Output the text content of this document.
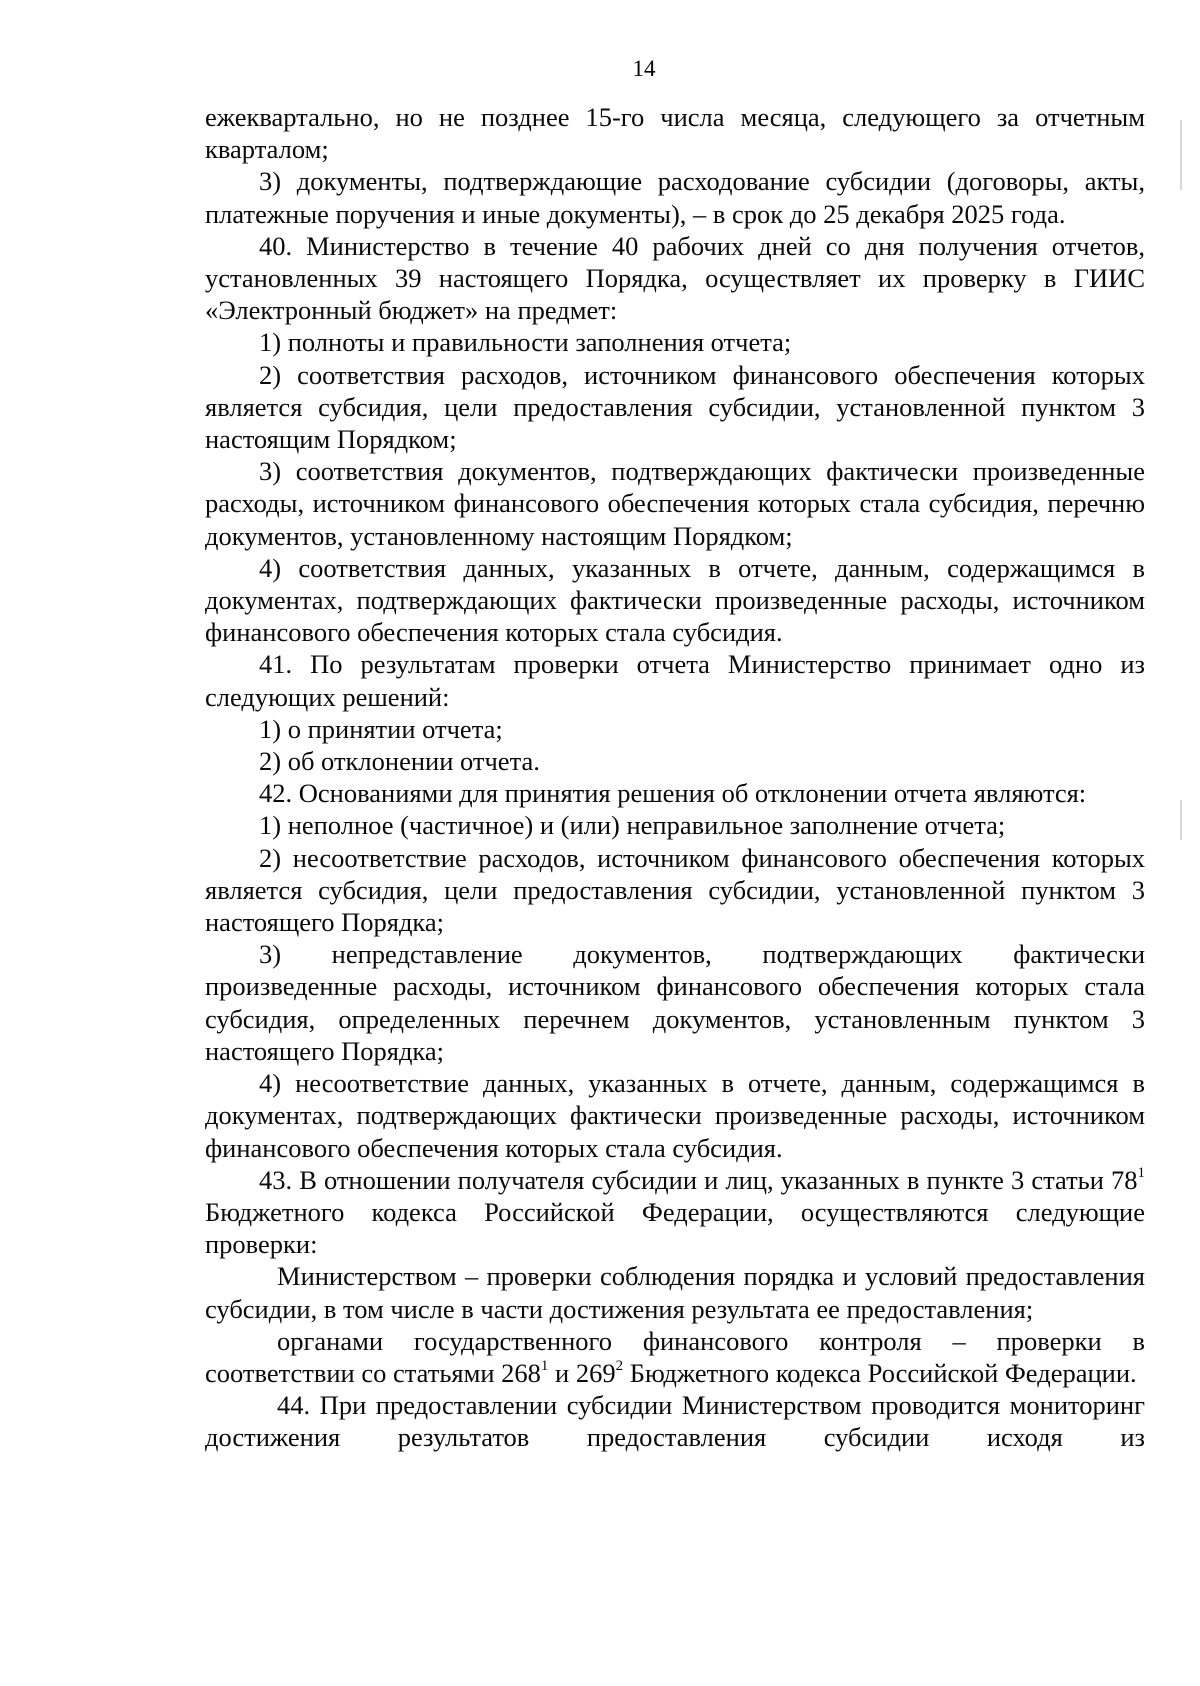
14

ежеквартально, но не позднее 15-го числа месяца, следующего за отчетным кварталом;

3) документы, подтверждающие расходование субсидии (договоры, акты, платежные поручения и иные документы), – в срок до 25 декабря 2025 года.

40. Министерство в течение 40 рабочих дней со дня получения отчетов, установленных 39 настоящего Порядка, осуществляет их проверку в ГИИС «Электронный бюджет» на предмет:

1) полноты и правильности заполнения отчета;

2) соответствия расходов, источником финансового обеспечения которых является субсидия, цели предоставления субсидии, установленной пунктом 3 настоящим Порядком;

3) соответствия документов, подтверждающих фактически произведенные расходы, источником финансового обеспечения которых стала субсидия, перечню документов, установленному настоящим Порядком;

4) соответствия данных, указанных в отчете, данным, содержащимся в документах, подтверждающих фактически произведенные расходы, источником финансового обеспечения которых стала субсидия.

41. По результатам проверки отчета Министерство принимает одно из следующих решений:

1) о принятии отчета;

2) об отклонении отчета.

42. Основаниями для принятия решения об отклонении отчета являются:

1) неполное (частичное) и (или) неправильное заполнение отчета;

2) несоответствие расходов, источником финансового обеспечения которых является субсидия, цели предоставления субсидии, установленной пунктом 3 настоящего Порядка;

3) непредставление документов, подтверждающих фактически произведенные расходы, источником финансового обеспечения которых стала субсидия, определенных перечнем документов, установленным пунктом 3 настоящего Порядка;

4) несоответствие данных, указанных в отчете, данным, содержащимся в документах, подтверждающих фактически произведенные расходы, источником финансового обеспечения которых стала субсидия.

43. В отношении получателя субсидии и лиц, указанных в пункте 3 статьи $78^1$ Бюджетного кодекса Российской Федерации, осуществляются следующие проверки:

Министерством – проверки соблюдения порядка и условий предоставления субсидии, в том числе в части достижения результата ее предоставления;

органами государственного финансового контроля – проверки в соответствии со статьями $268^1$ и $269^2$ Бюджетного кодекса Российской Федерации.

44. При предоставлении субсидии Министерством проводится мониторинг достижения результатов предоставления субсидии исходя из
